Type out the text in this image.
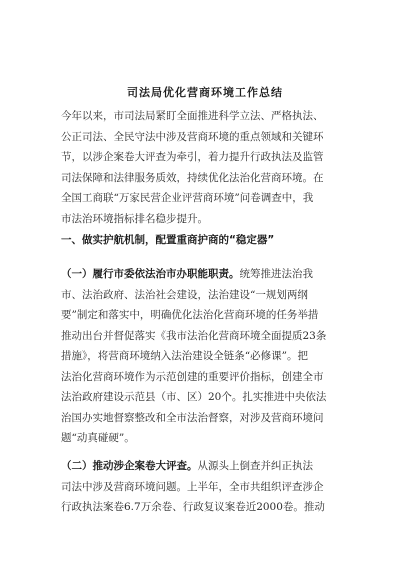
司法局优化营商环境工作总结
今年以来，市司法局紧盯全面推进科学立法、严格执法、
公正司法、全民守法中涉及营商环境的重点领域和关键环
节，以涉企案卷大评查为牵引，着力提升行政执法及监管
司法保障和法律服务质效，持续优化法治化营商环境。在
全国工商联“万家民营企业评营商环境”问卷调查中，我
市法治环境指标排名稳步提升。
一、做实护航机制，配置重商护商的“稳定器”
（一）履行市委依法治市办职能职责。统筹推进法治我
市、法治政府、法治社会建设，法治建设“一规划两纲
要”制定和落实中，明确优化法治化营商环境的任务举措
推动出台并督促落实《我市法治化营商环境全面提质23条
措施》，将营商环境纳入法治建设全链条“必修课”。把
法治化营商环境作为示范创建的重要评价指标，创建全市
法治政府建设示范县（市、区）20个。扎实推进中央依法
治国办实地督察整改和全市法治督察，对涉及营商环境问
题“动真碰硬”。
（二）推动涉企案卷大评查。从源头上倒查并纠正执法
司法中涉及营商环境问题。上半年，全市共组织评查涉企
行政执法案卷6.7万余卷、行政复议案卷近2000卷。推动
